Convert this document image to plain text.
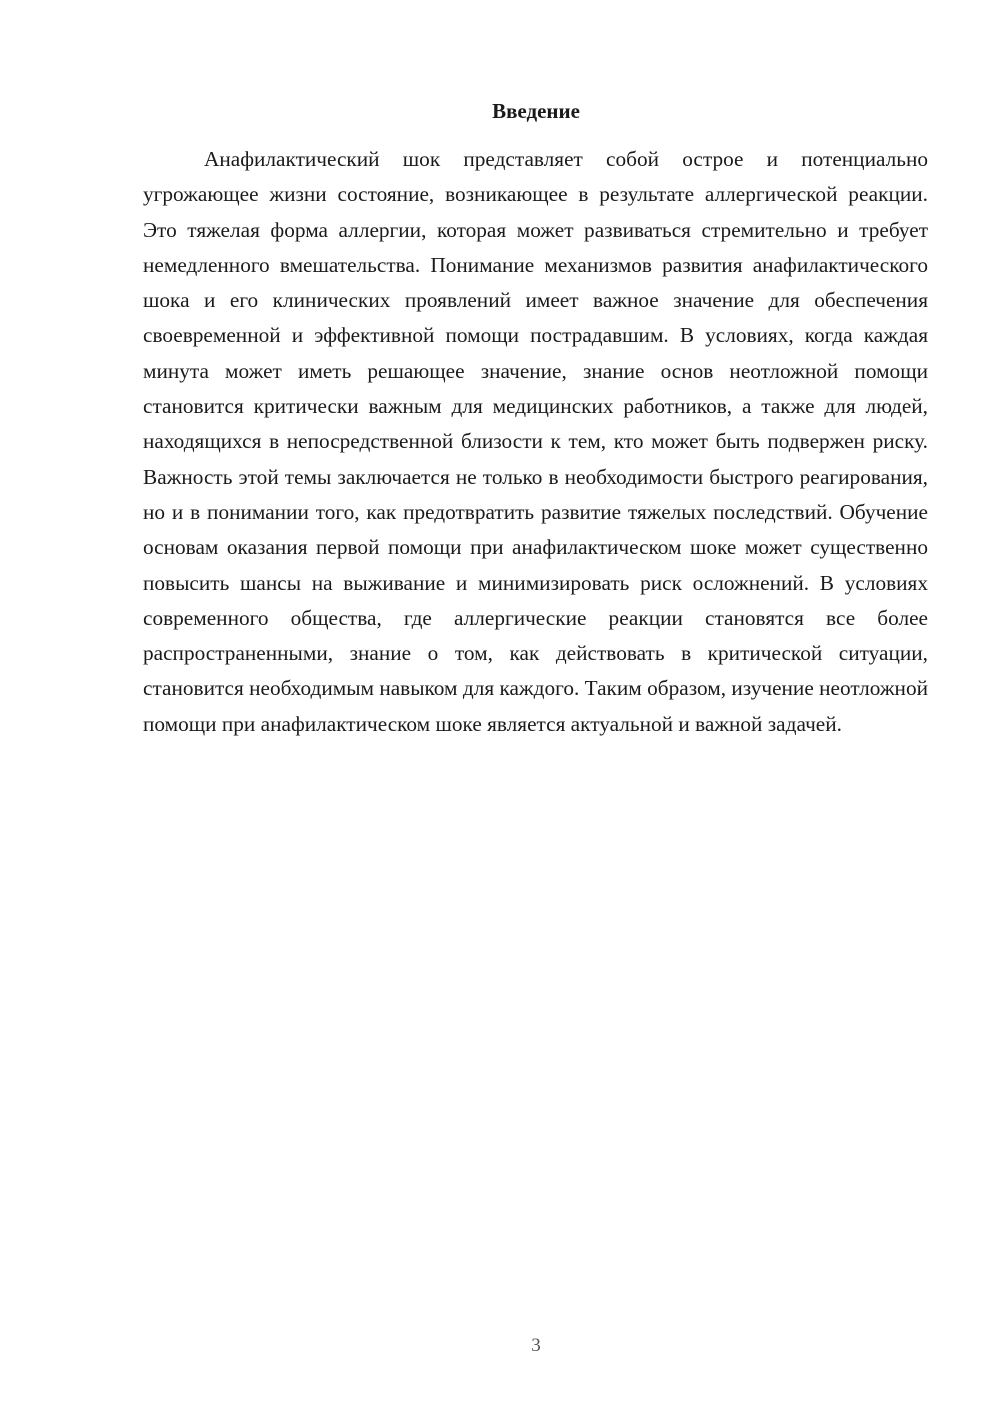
Введение

Анафилактический шок представляет собой острое и потенциально угрожающее жизни состояние, возникающее в результате аллергической реакции. Это тяжелая форма аллергии, которая может развиваться стремительно и требует немедленного вмешательства. Понимание механизмов развития анафилактического шока и его клинических проявлений имеет важное значение для обеспечения своевременной и эффективной помощи пострадавшим. В условиях, когда каждая минута может иметь решающее значение, знание основ неотложной помощи становится критически важным для медицинских работников, а также для людей, находящихся в непосредственной близости к тем, кто может быть подвержен риску. Важность этой темы заключается не только в необходимости быстрого реагирования, но и в понимании того, как предотвратить развитие тяжелых последствий. Обучение основам оказания первой помощи при анафилактическом шоке может существенно повысить шансы на выживание и минимизировать риск осложнений. В условиях современного общества, где аллергические реакции становятся все более распространенными, знание о том, как действовать в критической ситуации, становится необходимым навыком для каждого. Таким образом, изучение неотложной помощи при анафилактическом шоке является актуальной и важной задачей.

3
